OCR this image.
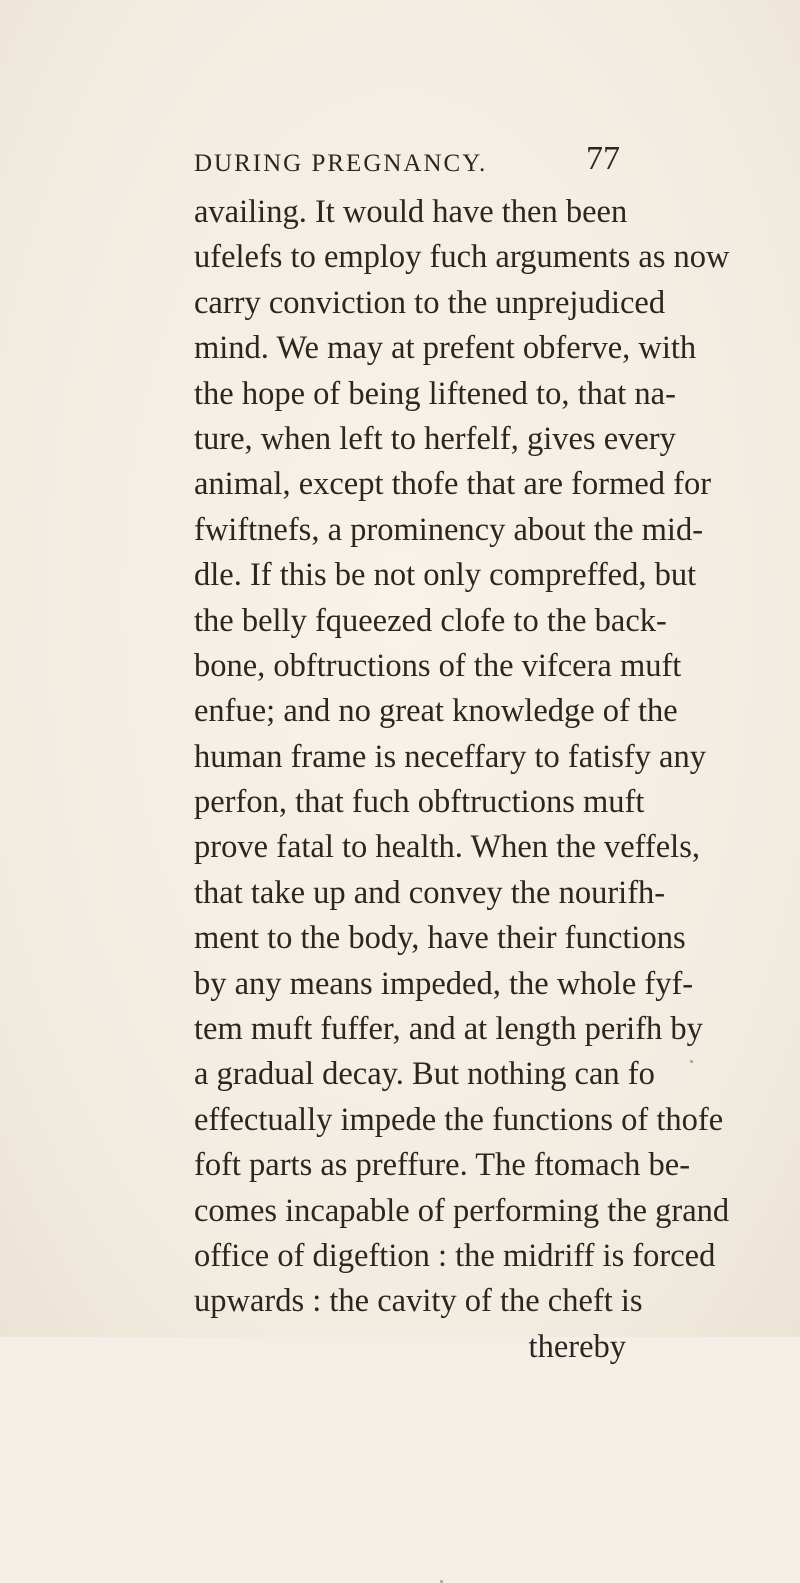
DURING PREGNANCY.	77
availing. It would have then been
ufelefs to employ fuch arguments as now
carry conviction to the unprejudiced
mind. We may at prefent obferve, with
the hope of being liftened to, that na-
ture, when left to herfelf, gives every
animal, except thofe that are formed for
fwiftnefs, a prominency about the mid-
dle. If this be not only compreffed, but
the belly fqueezed clofe to the back-
bone, obftructions of the vifcera muft
enfue; and no great knowledge of the
human frame is neceffary to fatisfy any
perfon, that fuch obftructions muft
prove fatal to health. When the veffels,
that take up and convey the nourifh-
ment to the body, have their functions
by any means impeded, the whole fyf-
tem muft fuffer, and at length perifh by
a gradual decay. But nothing can fo
effectually impede the functions of thofe
foft parts as preffure. The ftomach be-
comes incapable of performing the grand
office of digeftion : the midriff is forced
upwards : the cavity of the cheft is
thereby
